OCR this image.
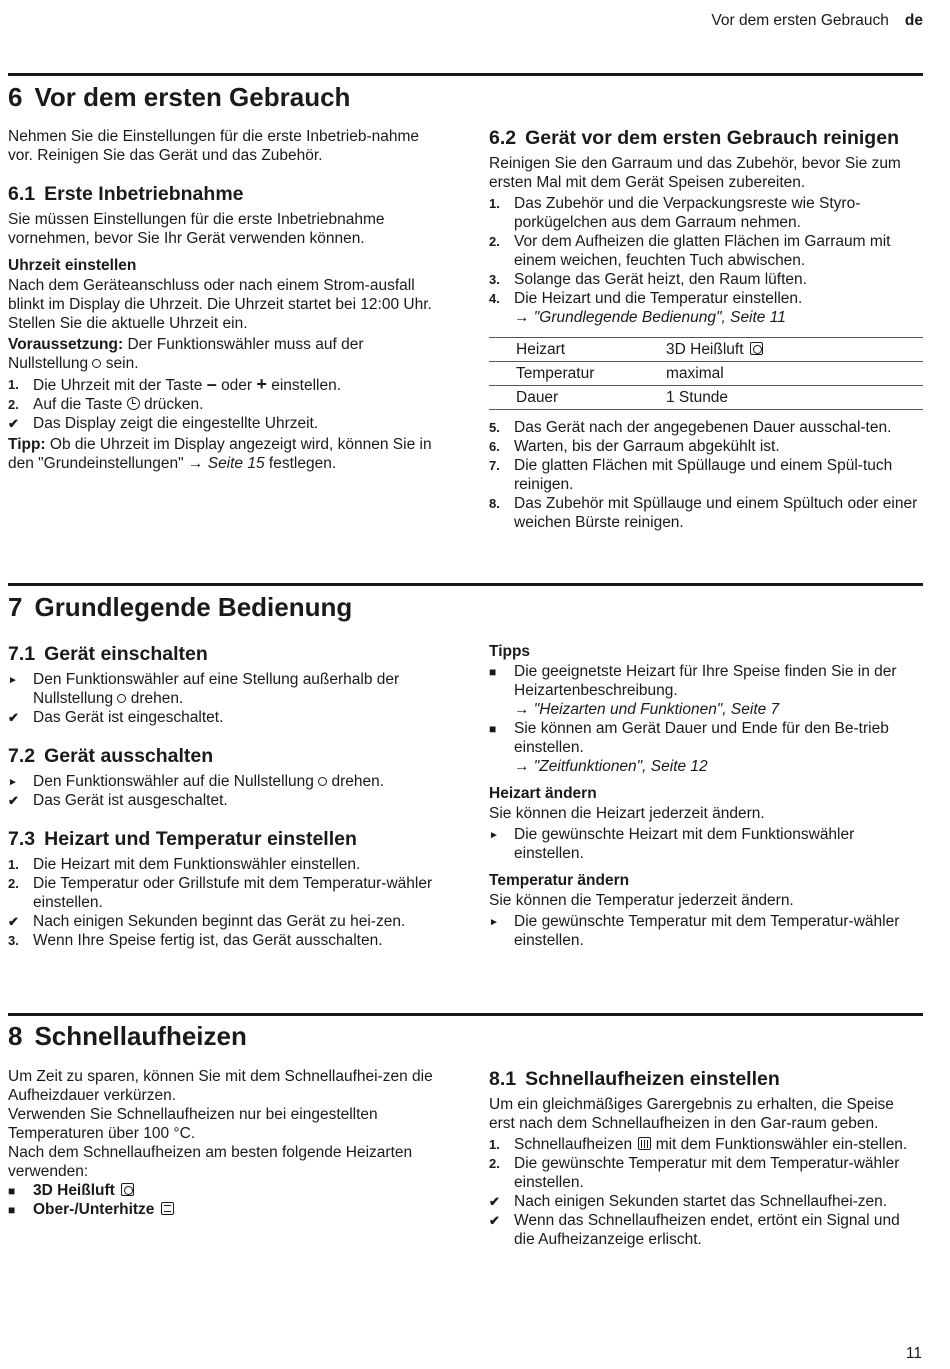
Vor dem ersten Gebrauch de
6 Vor dem ersten Gebrauch

Nehmen Sie die Einstellungen für die erste Inbetrieb-nahme vor. Reinigen Sie das Gerät und das Zubehör.

6.1 Erste Inbetriebnahme

Sie müssen Einstellungen für die erste Inbetriebnahme vornehmen, bevor Sie Ihr Gerät verwenden können.

Uhrzeit einstellen

Nach dem Geräteanschluss oder nach einem Strom-ausfall blinkt im Display die Uhrzeit. Die Uhrzeit startet bei 12:00 Uhr. Stellen Sie die aktuelle Uhrzeit ein.

Voraussetzung: Der Funktionswähler muss auf der Nullstellung sein.

1. Die Uhrzeit mit der Taste – oder + einstellen.
2. Auf die Taste drücken.
✔ Das Display zeigt die eingestellte Uhrzeit.

Tipp: Ob die Uhrzeit im Display angezeigt wird, können Sie in den "Grundeinstellungen" → Seite 15 festlegen.

6.2 Gerät vor dem ersten Gebrauch reinigen

Reinigen Sie den Garraum und das Zubehör, bevor Sie zum ersten Mal mit dem Gerät Speisen zubereiten.

1. Das Zubehör und die Verpackungsreste wie Styro-porkügelchen aus dem Garraum nehmen.
2. Vor dem Aufheizen die glatten Flächen im Garraum mit einem weichen, feuchten Tuch abwischen.
3. Solange das Gerät heizt, den Raum lüften.
4. Die Heizart und die Temperatur einstellen.
→ "Grundlegende Bedienung", Seite 11
Heizart	3D Heißluft
Temperatur	maximal
Dauer	1 Stunde
5. Das Gerät nach der angegebenen Dauer ausschal-ten.
6. Warten, bis der Garraum abgekühlt ist.
7. Die glatten Flächen mit Spüllauge und einem Spül-tuch reinigen.
8. Das Zubehör mit Spüllauge und einem Spültuch oder einer weichen Bürste reinigen.
7 Grundlegende Bedienung
7.1 Gerät einschalten
► Den Funktionswähler auf eine Stellung außerhalb der Nullstellung drehen.
✔ Das Gerät ist eingeschaltet.
7.2 Gerät ausschalten
► Den Funktionswähler auf die Nullstellung drehen.
✔ Das Gerät ist ausgeschaltet.
7.3 Heizart und Temperatur einstellen
1. Die Heizart mit dem Funktionswähler einstellen.
2. Die Temperatur oder Grillstufe mit dem Temperatur-wähler einstellen.
✔ Nach einigen Sekunden beginnt das Gerät zu hei-zen.
3. Wenn Ihre Speise fertig ist, das Gerät ausschalten.
Tipps
■	Die geeignetste Heizart für Ihre Speise finden Sie in der Heizartenbeschreibung.
→ "Heizarten und Funktionen", Seite 7
■	Sie können am Gerät Dauer und Ende für den Be-trieb einstellen.
→ "Zeitfunktionen", Seite 12
Heizart ändern

Sie können die Heizart jederzeit ändern.

► Die gewünschte Heizart mit dem Funktionswähler einstellen.
Temperatur ändern

Sie können die Temperatur jederzeit ändern.

► Die gewünschte Temperatur mit dem Temperatur-wähler einstellen.
8 Schnellaufheizen

Um Zeit zu sparen, können Sie mit dem Schnellaufhei-zen die Aufheizdauer verkürzen.

Verwenden Sie Schnellaufheizen nur bei eingestellten Temperaturen über 100 °C.

Nach dem Schnellaufheizen am besten folgende Heizarten verwenden:

■	3D Heißluft
■	Ober-/Unterhitze
8.1 Schnellaufheizen einstellen

Um ein gleichmäßiges Garergebnis zu erhalten, die Speise erst nach dem Schnellaufheizen in den Gar-raum geben.

1. Schnellaufheizen mit dem Funktionswähler ein-stellen.
2. Die gewünschte Temperatur mit dem Temperatur-wähler einstellen.
✔ Nach einigen Sekunden startet das Schnellaufhei-zen.
✔ Wenn das Schnellaufheizen endet, ertönt ein Signal und die Aufheizanzeige erlischt.
11
